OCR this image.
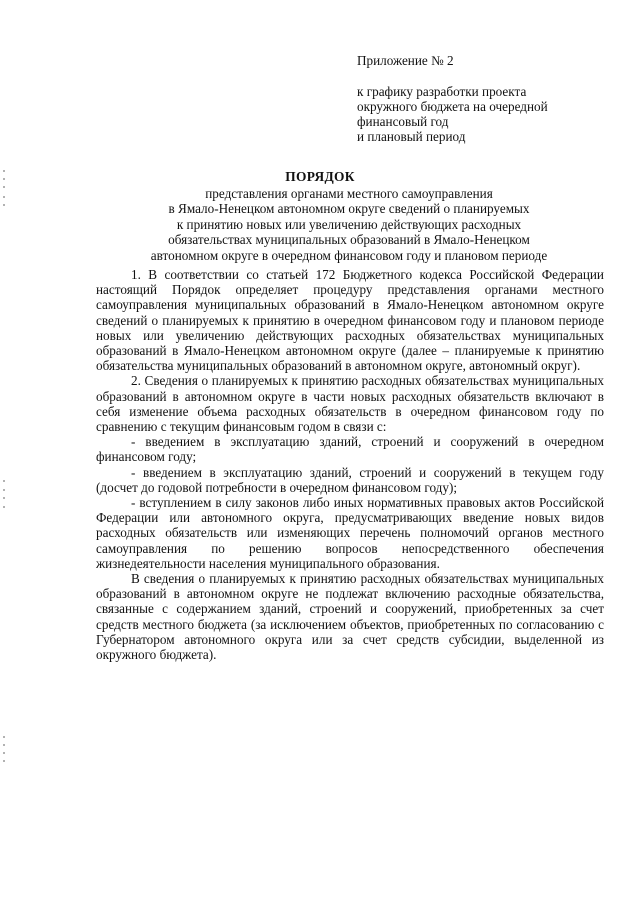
Приложение № 2
к графику разработки проекта
окружного бюджета на очередной
финансовый год
и плановый период
ПОРЯДОК
представления органами местного самоуправления
в Ямало-Ненецком автономном округе сведений о планируемых
к принятию новых или увеличению действующих расходных
обязательствах муниципальных образований в Ямало-Ненецком
автономном округе в очередном финансовом году и плановом периоде

1. В соответствии со статьей 172 Бюджетного кодекса Российской Федерации настоящий Порядок определяет процедуру представления органами местного самоуправления муниципальных образований в Ямало-Ненецком автономном округе сведений о планируемых к принятию в очередном финансовом году и плановом периоде новых или увеличению действующих расходных обязательствах муниципальных образований в Ямало-Ненецком автономном округе (далее – планируемые к принятию обязательства муниципальных образований в автономном округе, автономный округ).

2. Сведения о планируемых к принятию расходных обязательствах муниципальных образований в автономном округе в части новых расходных обязательств включают в себя изменение объема расходных обязательств в очередном финансовом году по сравнению с текущим финансовым годом в связи с:

- введением в эксплуатацию зданий, строений и сооружений в очередном финансовом году;

- введением в эксплуатацию зданий, строений и сооружений в текущем году (досчет до годовой потребности в очередном финансовом году);

- вступлением в силу законов либо иных нормативных правовых актов Российской Федерации или автономного округа, предусматривающих введение новых видов расходных обязательств или изменяющих перечень полномочий органов местного самоуправления по решению вопросов непосредственного обеспечения жизнедеятельности населения муниципального образования.

В сведения о планируемых к принятию расходных обязательствах муниципальных образований в автономном округе не подлежат включению расходные обязательства, связанные с содержанием зданий, строений и сооружений, приобретенных за счет средств местного бюджета (за исключением объектов, приобретенных по согласованию с Губернатором автономного округа или за счет средств субсидии, выделенной из окружного бюджета).
